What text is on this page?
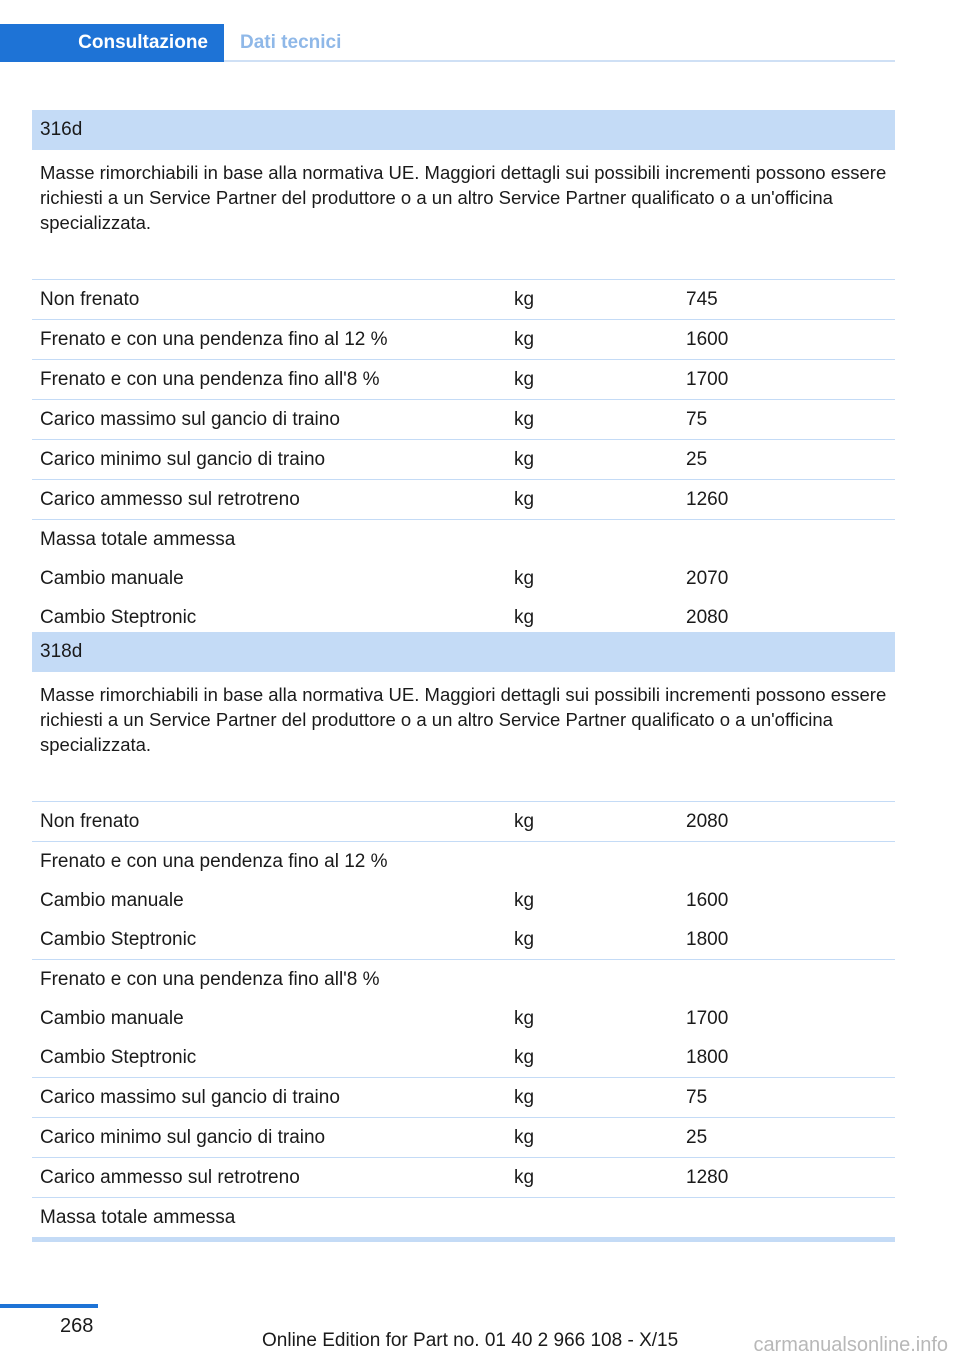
Consultazione	Dati tecnici
316d
Masse rimorchiabili in base alla normativa UE. Maggiori dettagli sui possibili incrementi possono essere richiesti a un Service Partner del produttore o a un altro Service Partner qualificato o a un'officina specializzata.
Non frenato	kg	745
Frenato e con una pendenza fino al 12 %	kg	1600
Frenato e con una pendenza fino all'8 %	kg	1700
Carico massimo sul gancio di traino	kg	75
Carico minimo sul gancio di traino	kg	25
Carico ammesso sul retrotreno	kg	1260
Massa totale ammessa
Cambio manuale	kg	2070
Cambio Steptronic	kg	2080
318d
Masse rimorchiabili in base alla normativa UE. Maggiori dettagli sui possibili incrementi possono essere richiesti a un Service Partner del produttore o a un altro Service Partner qualificato o a un'officina specializzata.
Non frenato	kg	2080
Frenato e con una pendenza fino al 12 %
Cambio manuale	kg	1600
Cambio Steptronic	kg	1800
Frenato e con una pendenza fino all'8 %
Cambio manuale	kg	1700
Cambio Steptronic	kg	1800
Carico massimo sul gancio di traino	kg	75
Carico minimo sul gancio di traino	kg	25
Carico ammesso sul retrotreno	kg	1280
Massa totale ammessa
268
Online Edition for Part no. 01 40 2 966 108 - X/15	carmanualsonline.info
